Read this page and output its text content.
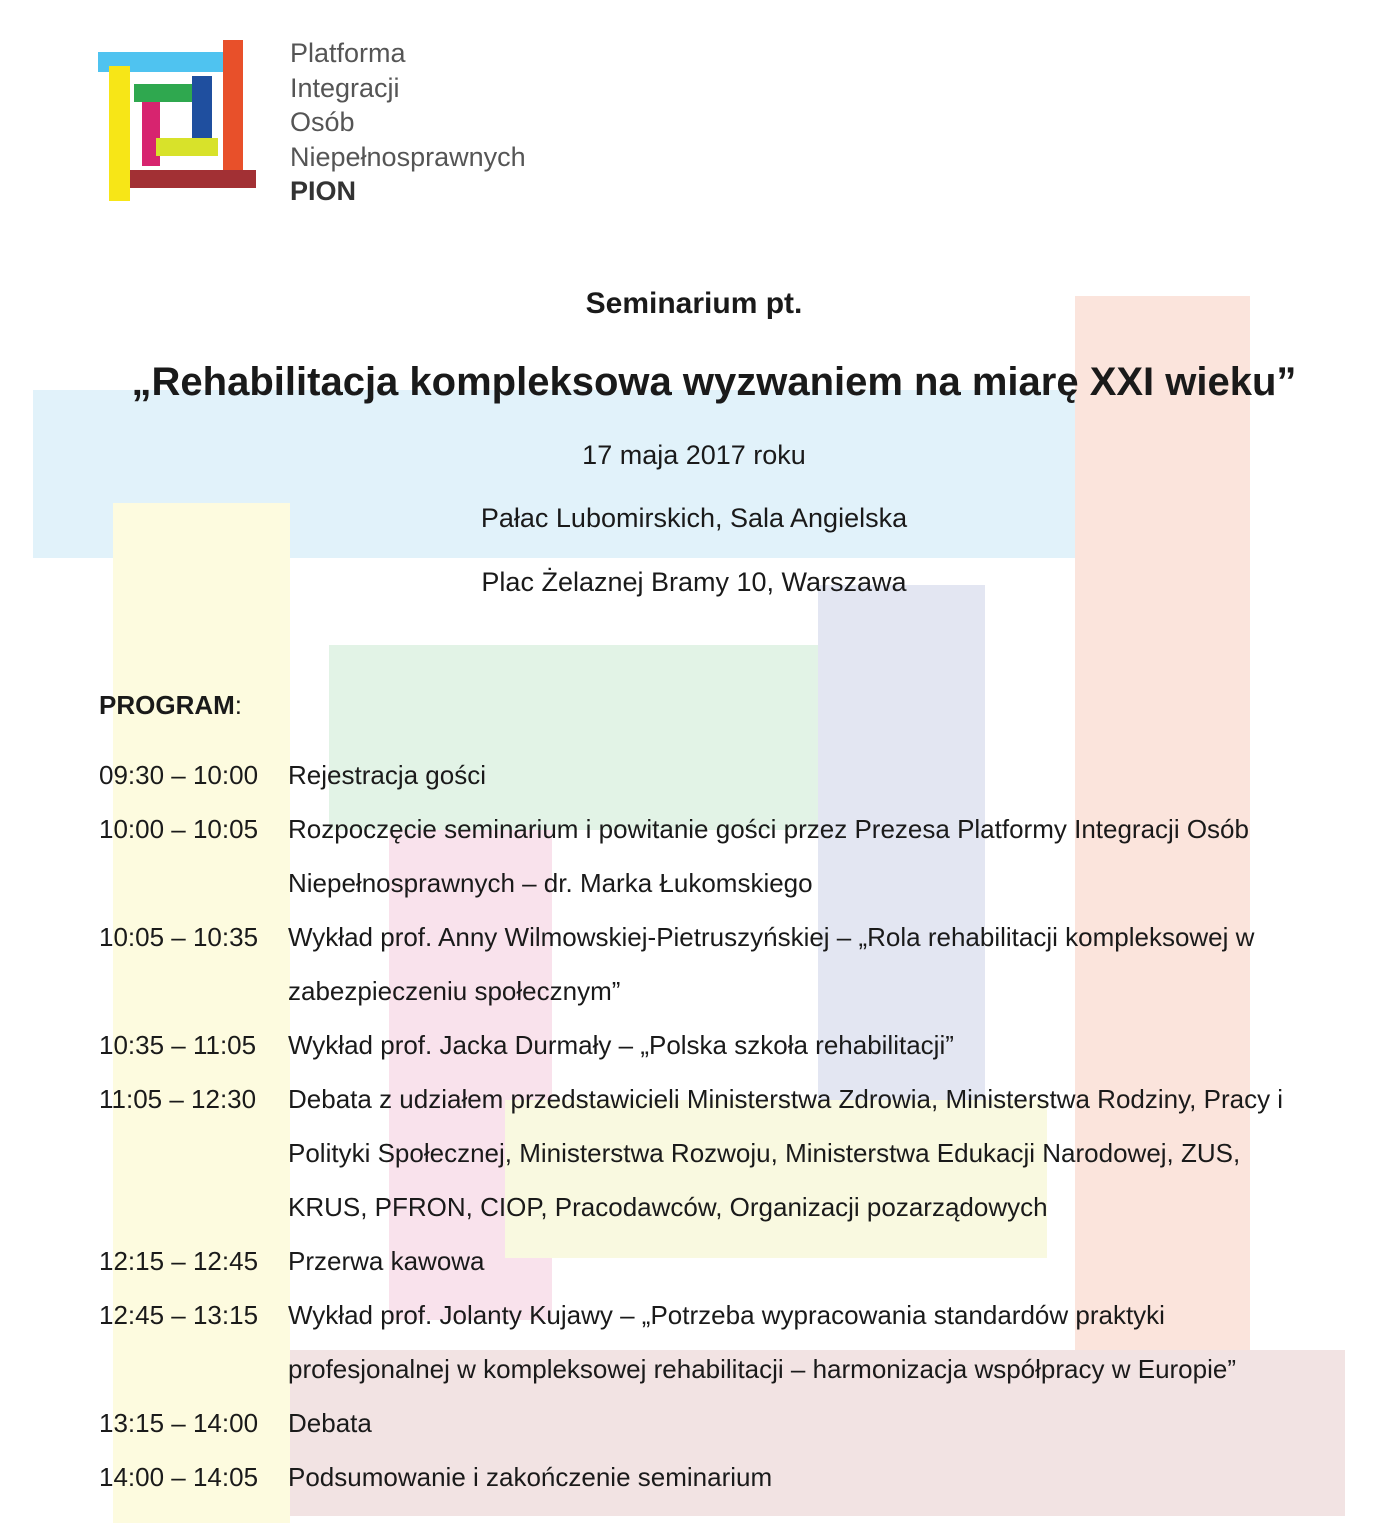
Platforma
Integracji
Osób
Niepełnosprawnych
PION
Seminarium pt.
„Rehabilitacja kompleksowa wyzwaniem na miarę XXI wieku”
17 maja 2017 roku
Pałac Lubomirskich, Sala Angielska
Plac Żelaznej Bramy 10, Warszawa
PROGRAM:
09:30 – 10:00	Rejestracja gości
10:00 – 10:05	Rozpoczęcie seminarium i powitanie gości przez Prezesa Platformy Integracji Osób
Niepełnosprawnych – dr. Marka Łukomskiego
10:05 – 10:35	Wykład prof. Anny Wilmowskiej-Pietruszyńskiej – „Rola rehabilitacji kompleksowej w
zabezpieczeniu społecznym”
10:35 – 11:05	Wykład prof. Jacka Durmały – „Polska szkoła rehabilitacji”
11:05 – 12:30	Debata z udziałem przedstawicieli Ministerstwa Zdrowia, Ministerstwa Rodziny, Pracy i
Polityki Społecznej, Ministerstwa Rozwoju, Ministerstwa Edukacji Narodowej, ZUS,
KRUS, PFRON, CIOP, Pracodawców, Organizacji pozarządowych
12:15 – 12:45	Przerwa kawowa
12:45 – 13:15	Wykład prof. Jolanty Kujawy – „Potrzeba wypracowania standardów praktyki
profesjonalnej w kompleksowej rehabilitacji – harmonizacja współpracy w Europie”
13:15 – 14:00	Debata
14:00 – 14:05	Podsumowanie i zakończenie seminarium
